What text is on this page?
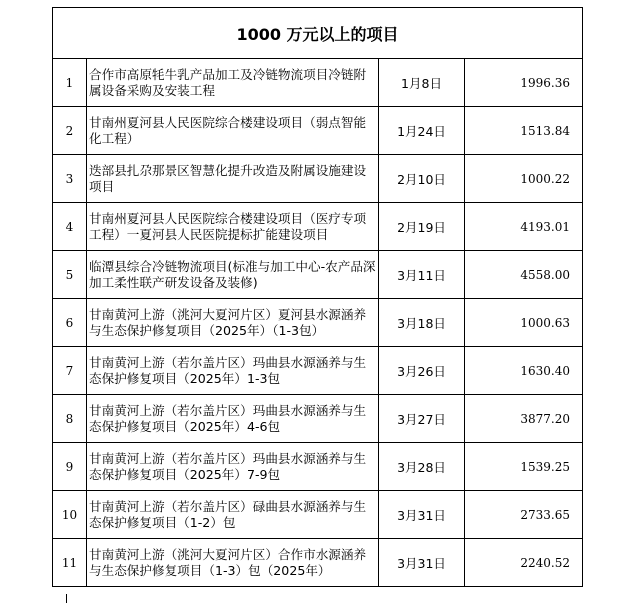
1000 万元以上的项目
1
合作市高原牦牛乳产品加工及冷链物流项目冷链附属设备采购及安装工程	1月8日	1996.36
2
甘南州夏河县人民医院综合楼建设项目（弱点智能化工程）	1月24日	1513.84
3
迭部县扎尕那景区智慧化提升改造及附属设施建设项目	2月10日	1000.22
4
甘南州夏河县人民医院综合楼建设项目（医疗专项工程）一夏河县人民医院提标扩能建设项目	2月19日	4193.01
5
临潭县综合冷链物流项目(标准与加工中心-农产品深加工柔性联产研发设备及装修)	3月11日	4558.00
6
甘南黄河上游（洮河大夏河片区）夏河县水源涵养与生态保护修复项目（2025年）（1-3包）	3月18日	1000.63
7
甘南黄河上游（若尔盖片区）玛曲县水源涵养与生态保护修复项目（2025年）1-3包	3月26日	1630.40
8
甘南黄河上游（若尔盖片区）玛曲县水源涵养与生态保护修复项目（2025年）4-6包	3月27日	3877.20
9
甘南黄河上游（若尔盖片区）玛曲县水源涵养与生态保护修复项目（2025年）7-9包	3月28日	1539.25
10
甘南黄河上游（若尔盖片区）碌曲县水源涵养与生态保护修复项目（1-2）包	3月31日	2733.65
11
甘南黄河上游（洮河大夏河片区）合作市水源涵养与生态保护修复项目（1-3）包（2025年）	3月31日	2240.52
